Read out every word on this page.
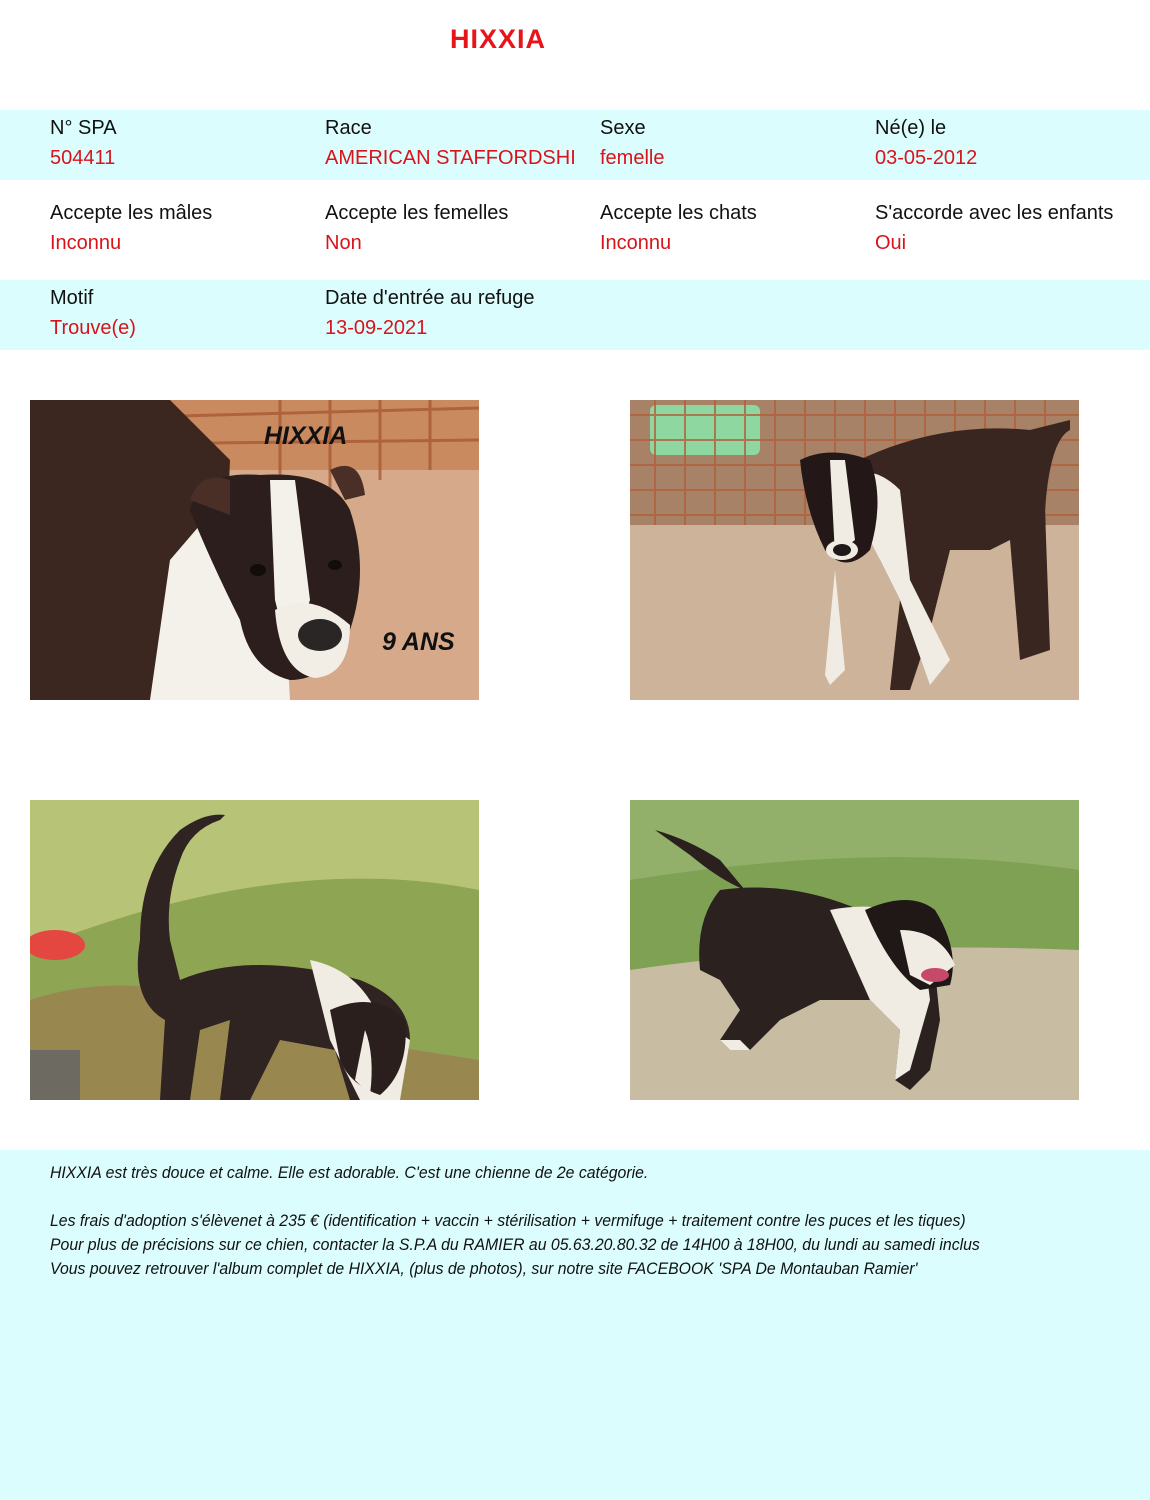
HIXXIA
N° SPA
504411
Race
AMERICAN STAFFORDSHI
Sexe
femelle
Né(e) le
03-05-2012
Accepte les mâles
Inconnu
Accepte les femelles
Non
Accepte les chats
Inconnu
S'accorde avec les enfants
Oui
Motif
Trouve(e)
Date d'entrée au refuge
13-09-2021
HIXXIA
9 ANS
HIXXIA est très douce et calme. Elle est adorable. C'est une chienne de 2e catégorie.
Les frais d'adoption s'élèvenet à 235 € (identification + vaccin + stérilisation + vermifuge + traitement contre les puces et les tiques)
Pour plus de précisions sur ce chien, contacter la S.P.A du RAMIER au 05.63.20.80.32 de 14H00 à 18H00, du lundi au samedi inclus
Vous pouvez retrouver l'album complet de HIXXIA, (plus de photos), sur notre site FACEBOOK 'SPA De Montauban Ramier'
